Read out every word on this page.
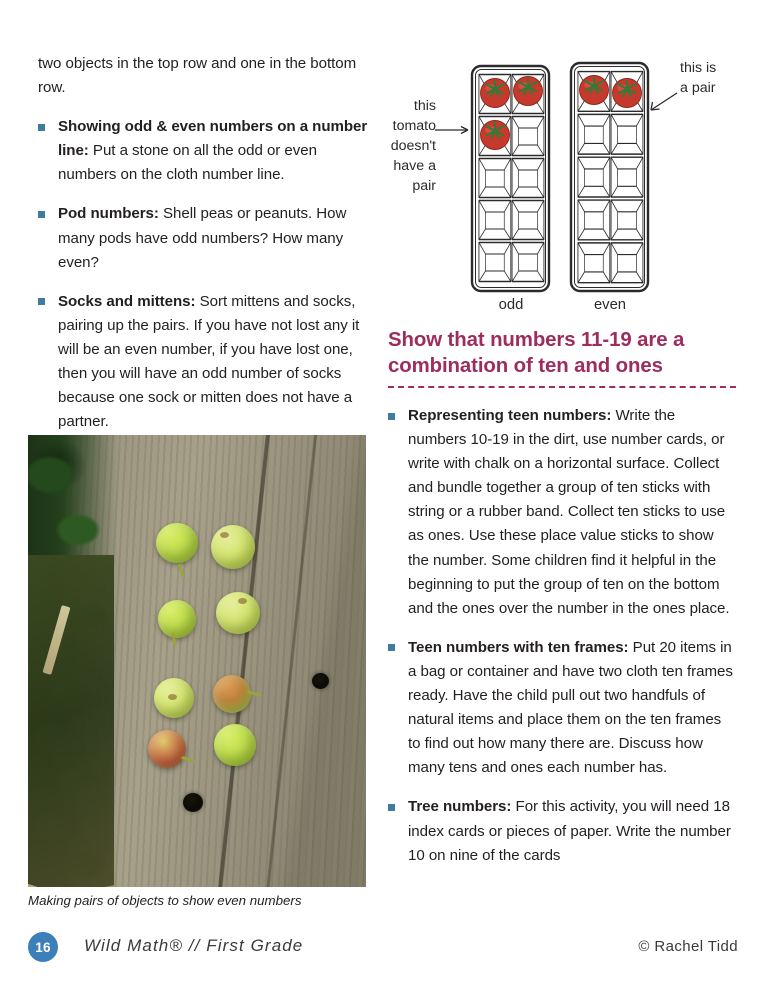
two objects in the top row and one in the bottom row.

Showing odd & even numbers on a number line: Put a stone on all the odd or even numbers on the cloth number line.
Pod numbers: Shell peas or peanuts. How many pods have odd numbers? How many even?
Socks and mittens: Sort mittens and socks, pairing up the pairs. If you have not lost any it will be an even number, if you have lost one, then you will have an odd number of socks because one sock or mitten does not have a partner.
Making pairs of objects to show even numbers
this
tomato
doesn't
have a
pair
this is
a pair
odd	even
Show that numbers 11-19 are a combination of ten and ones
Representing teen numbers: Write the numbers 10-19 in the dirt, use number cards, or write with chalk on a horizontal surface. Collect and bundle together a group of ten sticks with string or a rubber band. Collect ten sticks to use as ones. Use these place value sticks to show the number. Some children find it helpful in the beginning to put the group of ten on the bottom and the ones over the number in the ones place.
Teen numbers with ten frames: Put 20 items in a bag or container and have two cloth ten frames ready. Have the child pull out two handfuls of natural items and place them on the ten frames to find out how many there are. Discuss how many tens and ones each number has.
Tree numbers: For this activity, you will need 18 index cards or pieces of paper. Write the number 10 on nine of the cards
16	Wild Math® // First Grade	© Rachel Tidd
